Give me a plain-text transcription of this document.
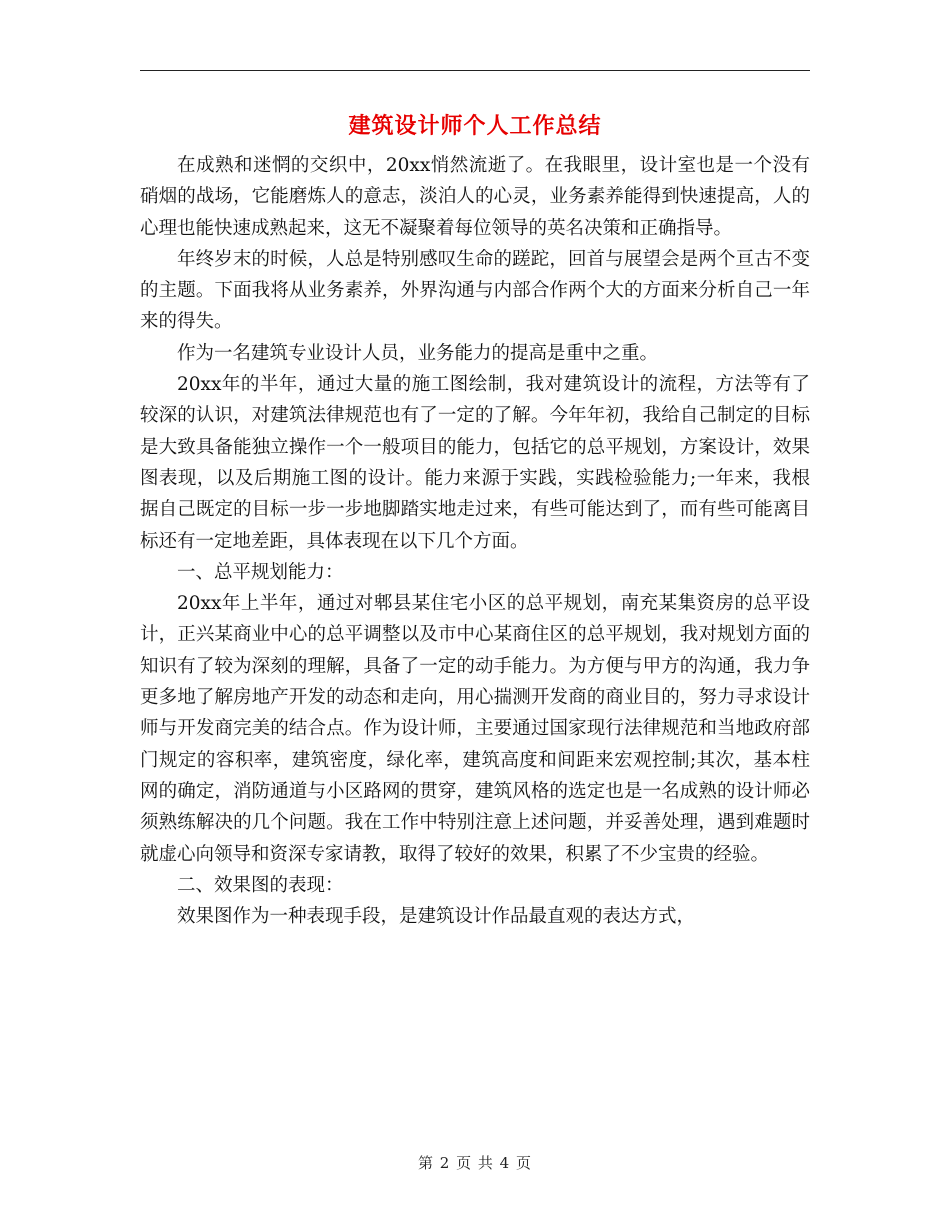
建筑设计师个人工作总结

在成熟和迷惘的交织中，20xx悄然流逝了。在我眼里，设计室也是一个没有硝烟的战场，它能磨炼人的意志，淡泊人的心灵，业务素养能得到快速提高，人的心理也能快速成熟起来，这无不凝聚着每位领导的英名决策和正确指导。

年终岁末的时候，人总是特别感叹生命的蹉跎，回首与展望会是两个亘古不变的主题。下面我将从业务素养，外界沟通与内部合作两个大的方面来分析自己一年来的得失。

作为一名建筑专业设计人员，业务能力的提高是重中之重。

20xx年的半年，通过大量的施工图绘制，我对建筑设计的流程，方法等有了较深的认识，对建筑法律规范也有了一定的了解。今年年初，我给自己制定的目标是大致具备能独立操作一个一般项目的能力，包括它的总平规划，方案设计，效果图表现，以及后期施工图的设计。能力来源于实践，实践检验能力;一年来，我根据自己既定的目标一步一步地脚踏实地走过来，有些可能达到了，而有些可能离目标还有一定地差距，具体表现在以下几个方面。

一、总平规划能力：

20xx年上半年，通过对郫县某住宅小区的总平规划，南充某集资房的总平设计，正兴某商业中心的总平调整以及市中心某商住区的总平规划，我对规划方面的知识有了较为深刻的理解，具备了一定的动手能力。为方便与甲方的沟通，我力争更多地了解房地产开发的动态和走向，用心揣测开发商的商业目的，努力寻求设计师与开发商完美的结合点。作为设计师，主要通过国家现行法律规范和当地政府部门规定的容积率，建筑密度，绿化率，建筑高度和间距来宏观控制;其次，基本柱网的确定，消防通道与小区路网的贯穿，建筑风格的选定也是一名成熟的设计师必须熟练解决的几个问题。我在工作中特别注意上述问题，并妥善处理，遇到难题时就虚心向领导和资深专家请教，取得了较好的效果，积累了不少宝贵的经验。

二、效果图的表现：

效果图作为一种表现手段，是建筑设计作品最直观的表达方式，

第 2 页 共 4 页
